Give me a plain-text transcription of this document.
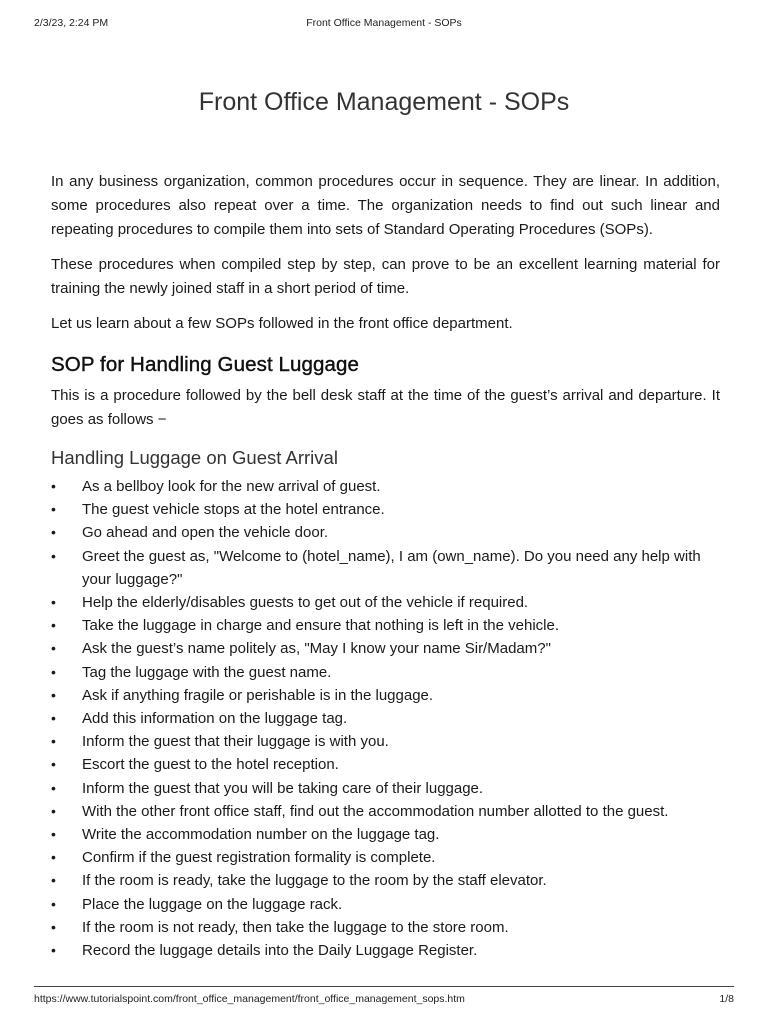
2/3/23, 2:24 PM	Front Office Management - SOPs
Front Office Management - SOPs

In any business organization, common procedures occur in sequence. They are linear. In addition, some procedures also repeat over a time. The organization needs to find out such linear and repeating procedures to compile them into sets of Standard Operating Procedures (SOPs).

These procedures when compiled step by step, can prove to be an excellent learning material for training the newly joined staff in a short period of time.

Let us learn about a few SOPs followed in the front office department.

SOP for Handling Guest Luggage

This is a procedure followed by the bell desk staff at the time of the guest’s arrival and departure. It goes as follows −

Handling Luggage on Guest Arrival
• As a bellboy look for the new arrival of guest.
• The guest vehicle stops at the hotel entrance.
• Go ahead and open the vehicle door.
• Greet the guest as, "Welcome to (hotel_name), I am (own_name). Do you need any help with your luggage?"
• Help the elderly/disables guests to get out of the vehicle if required.
• Take the luggage in charge and ensure that nothing is left in the vehicle.
• Ask the guest’s name politely as, "May I know your name Sir/Madam?"
• Tag the luggage with the guest name.
• Ask if anything fragile or perishable is in the luggage.
• Add this information on the luggage tag.
• Inform the guest that their luggage is with you.
• Escort the guest to the hotel reception.
• Inform the guest that you will be taking care of their luggage.
• With the other front office staff, find out the accommodation number allotted to the guest.
• Write the accommodation number on the luggage tag.
• Confirm if the guest registration formality is complete.
• If the room is ready, take the luggage to the room by the staff elevator.
• Place the luggage on the luggage rack.
• If the room is not ready, then take the luggage to the store room.
• Record the luggage details into the Daily Luggage Register.
https://www.tutorialspoint.com/front_office_management/front_office_management_sops.htm	1/8
